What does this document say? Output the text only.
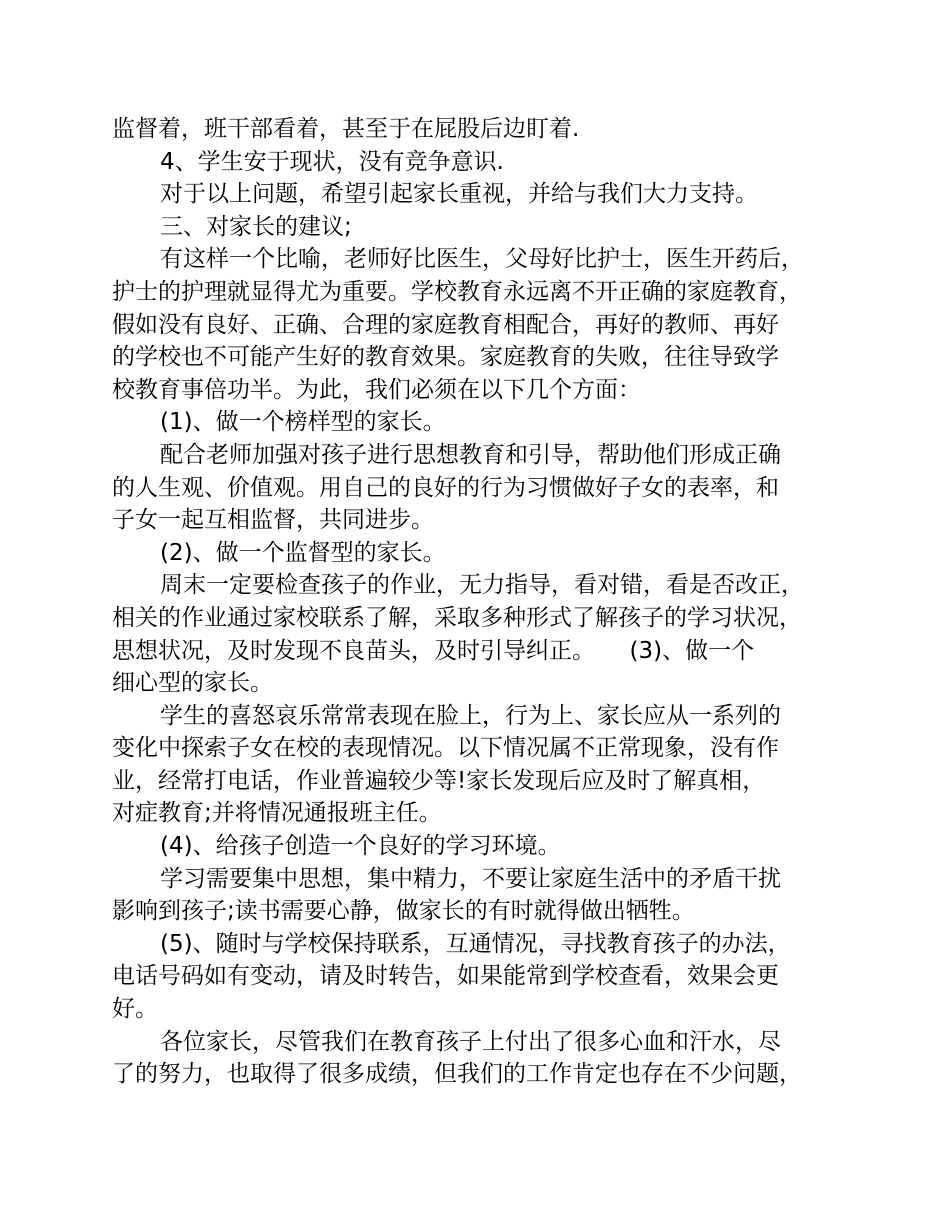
监督着，班干部看着，甚至于在屁股后边盯着.
4、学生安于现状，没有竞争意识.
对于以上问题，希望引起家长重视，并给与我们大力支持。
三、对家长的建议;
有这样一个比喻，老师好比医生，父母好比护士，医生开药后，
护士的护理就显得尤为重要。学校教育永远离不开正确的家庭教育，
假如没有良好、正确、合理的家庭教育相配合，再好的教师、再好
的学校也不可能产生好的教育效果。家庭教育的失败，往往导致学
校教育事倍功半。为此，我们必须在以下几个方面：
(1)、做一个榜样型的家长。
配合老师加强对孩子进行思想教育和引导，帮助他们形成正确
的人生观、价值观。用自己的良好的行为习惯做好子女的表率，和
子女一起互相监督，共同进步。
(2)、做一个监督型的家长。
周末一定要检查孩子的作业，无力指导，看对错，看是否改正，
相关的作业通过家校联系了解，采取多种形式了解孩子的学习状况，
思想状况，及时发现不良苗头，及时引导纠正。　　(3)、做一个
细心型的家长。
学生的喜怒哀乐常常表现在脸上，行为上、家长应从一系列的
变化中探索子女在校的表现情况。以下情况属不正常现象，没有作
业，经常打电话，作业普遍较少等!家长发现后应及时了解真相，
对症教育;并将情况通报班主任。
(4)、给孩子创造一个良好的学习环境。
学习需要集中思想，集中精力，不要让家庭生活中的矛盾干扰
影响到孩子;读书需要心静，做家长的有时就得做出牺牲。
(5)、随时与学校保持联系，互通情况，寻找教育孩子的办法，
电话号码如有变动，请及时转告，如果能常到学校查看，效果会更
好。
各位家长，尽管我们在教育孩子上付出了很多心血和汗水，尽
了的努力，也取得了很多成绩，但我们的工作肯定也存在不少问题，
